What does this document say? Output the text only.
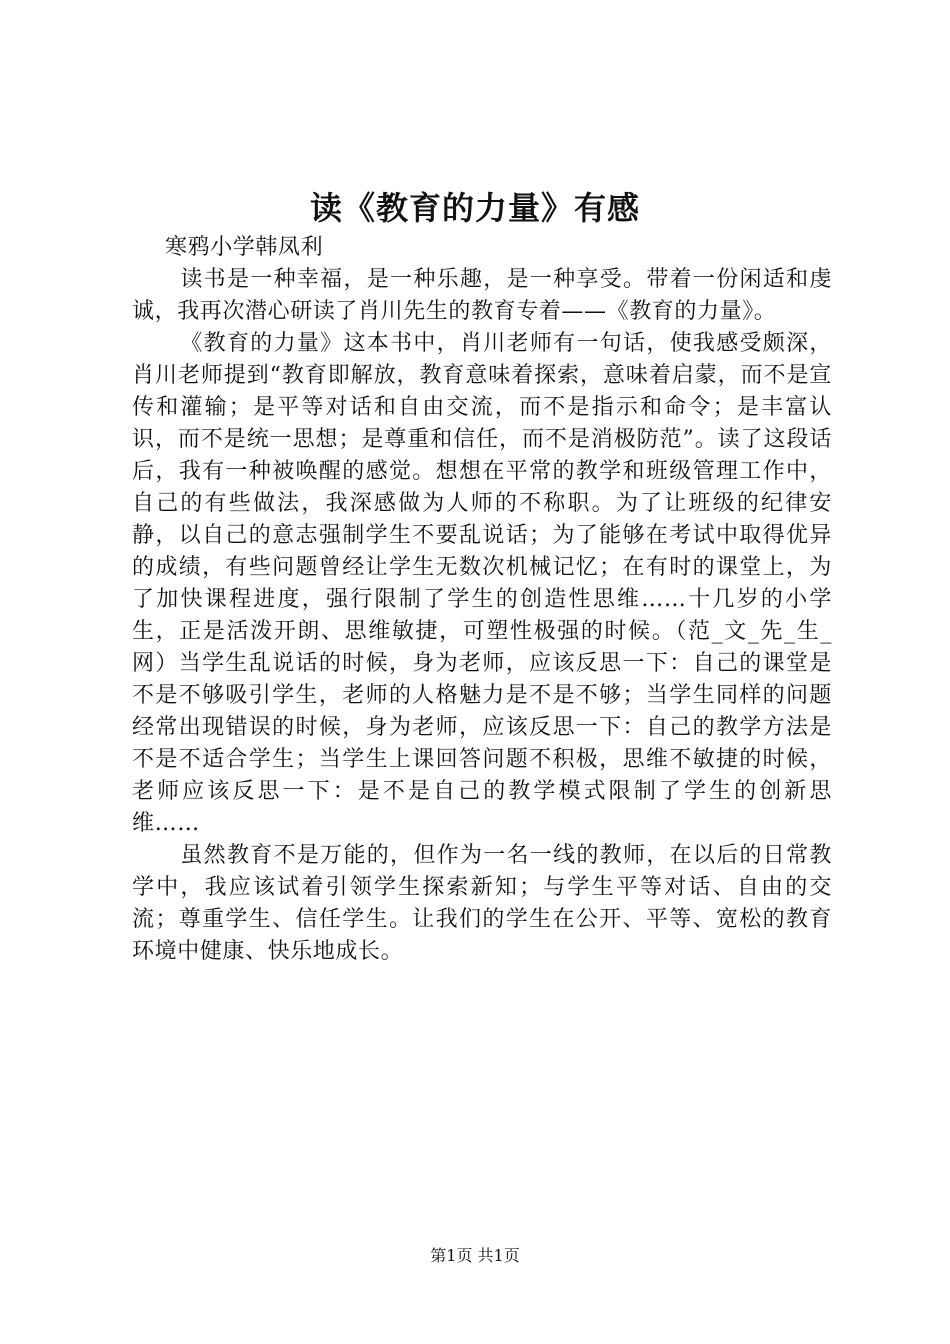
读《教育的力量》有感

寒鸦小学韩凤利

读书是一种幸福，是一种乐趣，是一种享受。带着一份闲适和虔诚，我再次潜心研读了肖川先生的教育专着——《教育的力量》。

《教育的力量》这本书中，肖川老师有一句话，使我感受颇深，肖川老师提到“教育即解放，教育意味着探索，意味着启蒙，而不是宣传和灌输；是平等对话和自由交流，而不是指示和命令；是丰富认识，而不是统一思想；是尊重和信任，而不是消极防范”。读了这段话后，我有一种被唤醒的感觉。想想在平常的教学和班级管理工作中，自己的有些做法，我深感做为人师的不称职。为了让班级的纪律安静，以自己的意志强制学生不要乱说话；为了能够在考试中取得优异的成绩，有些问题曾经让学生无数次机械记忆；在有时的课堂上，为了加快课程进度，强行限制了学生的创造性思维……十几岁的小学生，正是活泼开朗、思维敏捷，可塑性极强的时候。（范_文_先_生_网）当学生乱说话的时候，身为老师，应该反思一下：自己的课堂是不是不够吸引学生，老师的人格魅力是不是不够；当学生同样的问题经常出现错误的时候，身为老师，应该反思一下：自己的教学方法是不是不适合学生；当学生上课回答问题不积极，思维不敏捷的时候，老师应该反思一下：是不是自己的教学模式限制了学生的创新思维……

虽然教育不是万能的，但作为一名一线的教师，在以后的日常教学中，我应该试着引领学生探索新知；与学生平等对话、自由的交流；尊重学生、信任学生。让我们的学生在公开、平等、宽松的教育环境中健康、快乐地成长。

第1页 共1页
